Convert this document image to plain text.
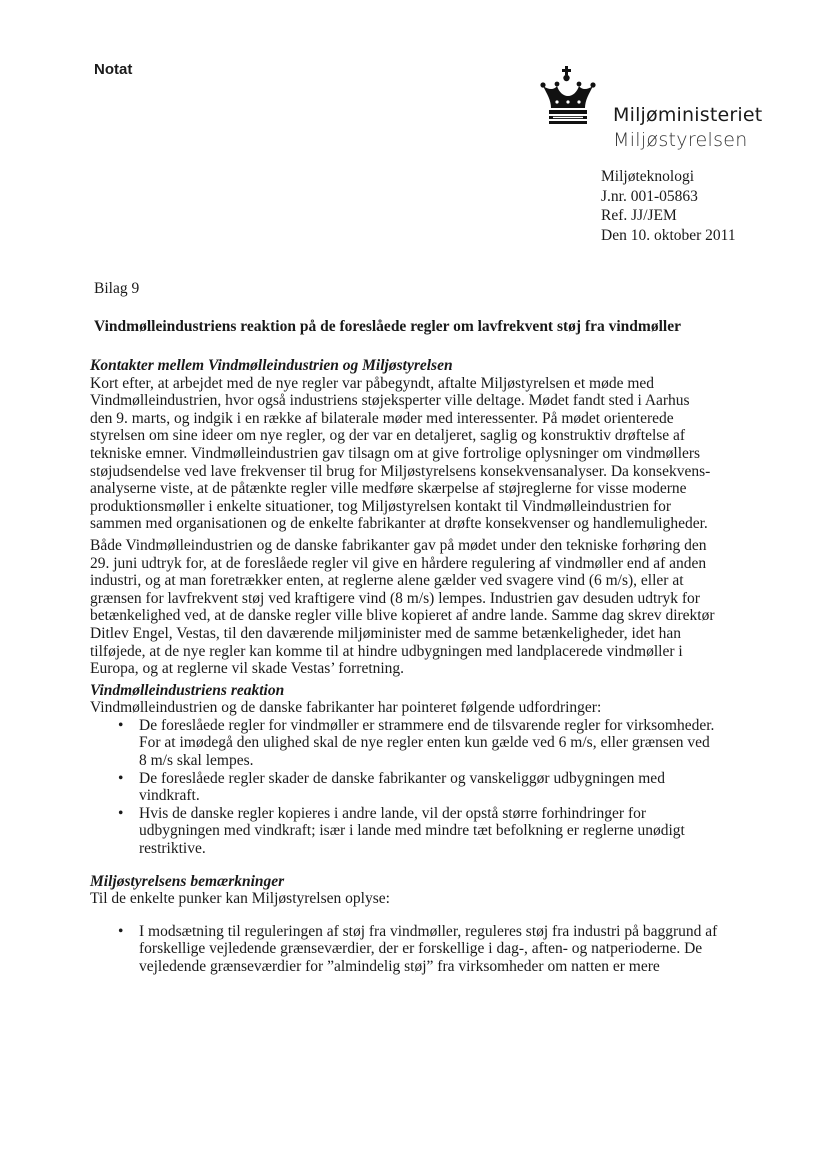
Notat
Miljøministeriet
Miljøstyrelsen
Miljøteknologi
J.nr. 001-05863
Ref. JJ/JEM
Den 10. oktober 2011
Bilag 9
Vindmølleindustriens reaktion på de foreslåede regler om lavfrekvent støj fra vindmøller
Kontakter mellem Vindmølleindustrien og Miljøstyrelsen

Kort efter, at arbejdet med de nye regler var påbegyndt, aftalte Miljøstyrelsen et møde med

Vindmølleindustrien, hvor også industriens støjeksperter ville deltage. Mødet fandt sted i Aarhus

den 9. marts, og indgik i en række af bilaterale møder med interessenter. På mødet orienterede

styrelsen om sine ideer om nye regler, og der var en detaljeret, saglig og konstruktiv drøftelse af

tekniske emner. Vindmølleindustrien gav tilsagn om at give fortrolige oplysninger om vindmøllers

støjudsendelse ved lave frekvenser til brug for Miljøstyrelsens konsekvensanalyser. Da konsekvens-

analyserne viste, at de påtænkte regler ville medføre skærpelse af støjreglerne for visse moderne

produktionsmøller i enkelte situationer, tog Miljøstyrelsen kontakt til Vindmølleindustrien for

sammen med organisationen og de enkelte fabrikanter at drøfte konsekvenser og handlemuligheder.

Både Vindmølleindustrien og de danske fabrikanter gav på mødet under den tekniske forhøring den

29. juni udtryk for, at de foreslåede regler vil give en hårdere regulering af vindmøller end af anden

industri, og at man foretrækker enten, at reglerne alene gælder ved svagere vind (6 m/s), eller at

grænsen for lavfrekvent støj ved kraftigere vind (8 m/s) lempes. Industrien gav desuden udtryk for

betænkelighed ved, at de danske regler ville blive kopieret af andre lande. Samme dag skrev direktør

Ditlev Engel, Vestas, til den daværende miljøminister med de samme betænkeligheder, idet han

tilføjede, at de nye regler kan komme til at hindre udbygningen med landplacerede vindmøller i

Europa, og at reglerne vil skade Vestas’ forretning.

Vindmølleindustriens reaktion

Vindmølleindustrien og de danske fabrikanter har pointeret følgende udfordringer:

• De foreslåede regler for vindmøller er strammere end de tilsvarende regler for virksomheder.

For at imødegå den ulighed skal de nye regler enten kun gælde ved 6 m/s, eller grænsen ved

8 m/s skal lempes.

• De foreslåede regler skader de danske fabrikanter og vanskeliggør udbygningen med

vindkraft.

• Hvis de danske regler kopieres i andre lande, vil der opstå større forhindringer for

udbygningen med vindkraft; især i lande med mindre tæt befolkning er reglerne unødigt

restriktive.

Miljøstyrelsens bemærkninger

Til de enkelte punker kan Miljøstyrelsen oplyse:

• I modsætning til reguleringen af støj fra vindmøller, reguleres støj fra industri på baggrund af

forskellige vejledende grænseværdier, der er forskellige i dag-, aften- og natperioderne. De

vejledende grænseværdier for ”almindelig støj” fra virksomheder om natten er mere
